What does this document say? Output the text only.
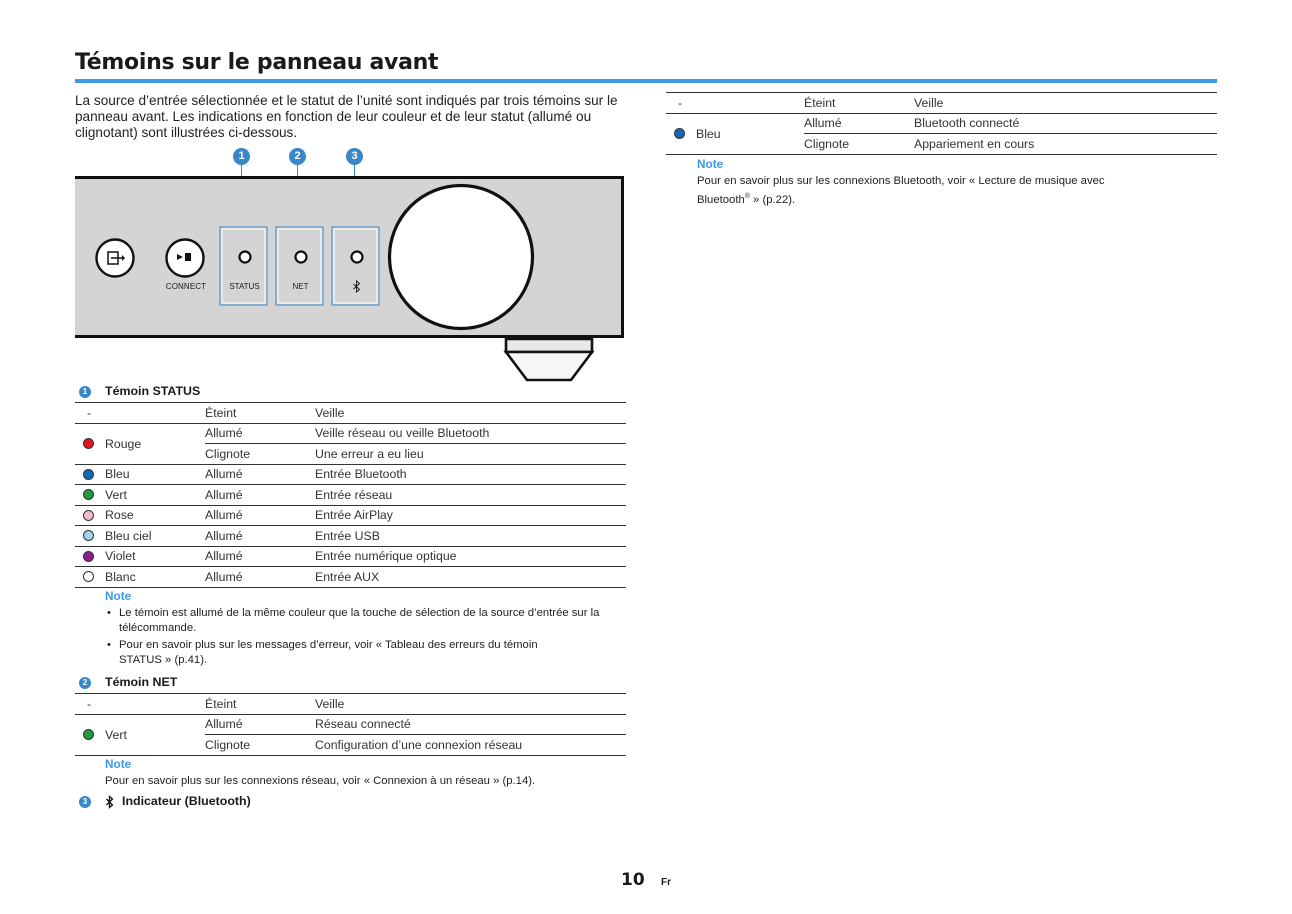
Témoins sur le panneau avant

La source d’entrée sélectionnée et le statut de l’unité sont indiqués par trois témoins sur le panneau avant. Les indications en fonction de leur couleur et de leur statut (allumé ou clignotant) sont illustrées ci-dessous.

1	2	3
CONNECT	STATUS	NET
1	Témoin STATUS
-	Éteint	Veille

Rouge	Allumé	Veille réseau ou veille Bluetooth
	Clignote	Une erreur a eu lieu

Bleu	Allumé	Entrée Bluetooth

Vert	Allumé	Entrée réseau

Rose	Allumé	Entrée AirPlay

Bleu ciel	Allumé	Entrée USB

Violet	Allumé	Entrée numérique optique

Blanc	Allumé	Entrée AUX
Note
• Le témoin est allumé de la même couleur que la touche de sélection de la source d’entrée sur la télécommande.
• Pour en savoir plus sur les messages d’erreur, voir « Tableau des erreurs du témoin STATUS » (p.41).
2	Témoin NET
-	Éteint	Veille

Vert	Allumé	Réseau connecté
	Clignote	Configuration d’une connexion réseau
Note
Pour en savoir plus sur les connexions réseau, voir « Connexion à un réseau » (p.14).
3	Indicateur (Bluetooth)
-	Éteint	Veille

Bleu	Allumé	Bluetooth connecté
	Clignote	Appariement en cours
Note
Pour en savoir plus sur les connexions Bluetooth, voir « Lecture de musique avec Bluetooth® » (p.22).
10 Fr
